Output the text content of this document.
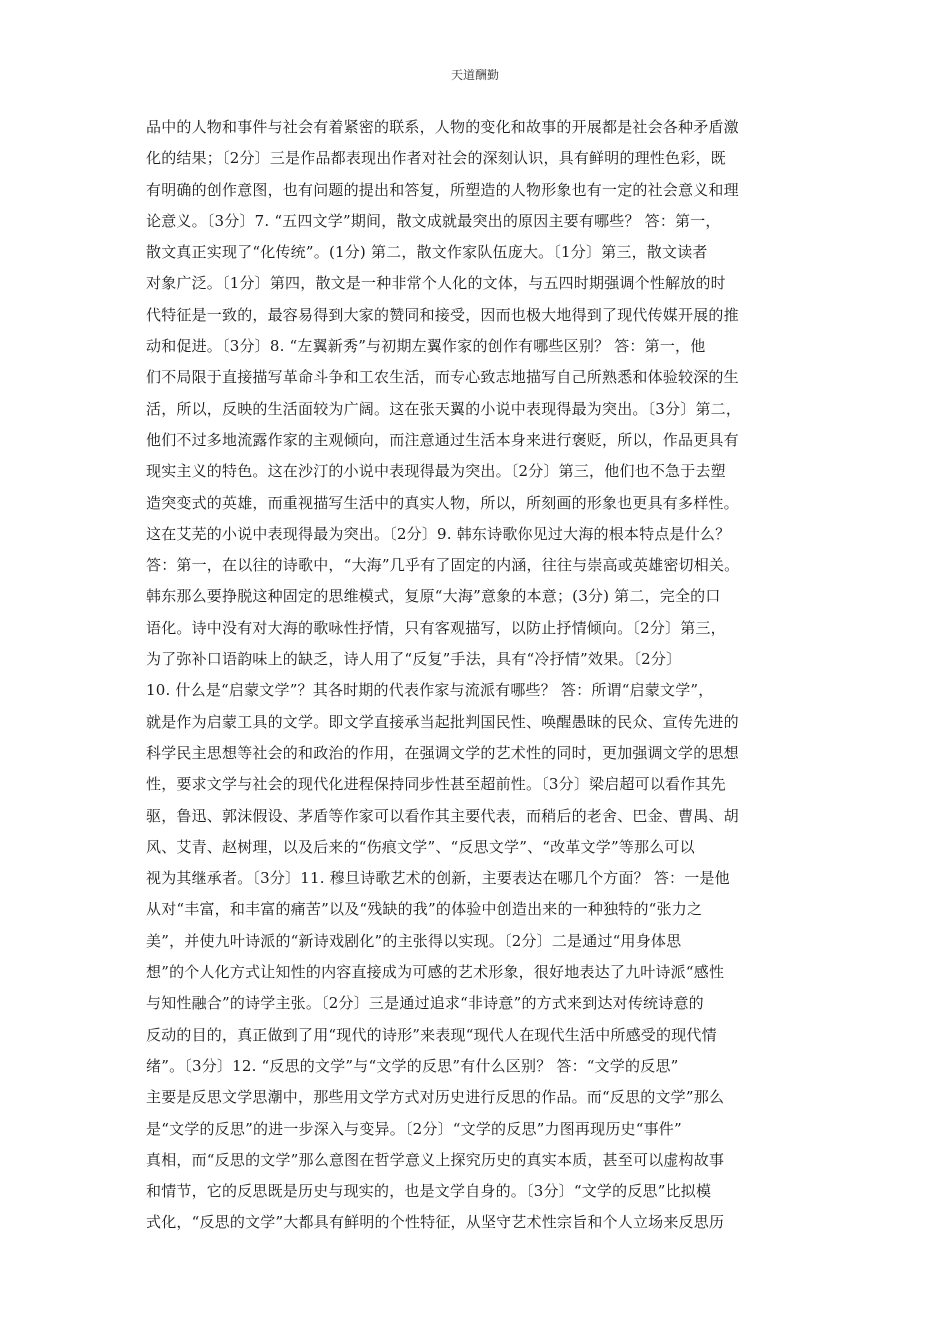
天道酬勤
品中的人物和事件与社会有着紧密的联系，人物的变化和故事的开展都是社会各种矛盾激
化的结果；〔2分〕三是作品都表现出作者对社会的深刻认识，具有鲜明的理性色彩，既
有明确的创作意图，也有问题的提出和答复，所塑造的人物形象也有一定的社会意义和理
论意义。〔3分〕7. “五四文学”期间，散文成就最突出的原因主要有哪些？ 答：第一，
散文真正实现了“化传统”。(1分) 第二，散文作家队伍庞大。〔1分〕第三，散文读者
对象广泛。〔1分〕第四，散文是一种非常个人化的文体，与五四时期强调个性解放的时
代特征是一致的，最容易得到大家的赞同和接受，因而也极大地得到了现代传媒开展的推
动和促进。〔3分〕8. “左翼新秀”与初期左翼作家的创作有哪些区别？ 答：第一，他
们不局限于直接描写革命斗争和工农生活，而专心致志地描写自己所熟悉和体验较深的生
活，所以，反映的生活面较为广阔。这在张天翼的小说中表现得最为突出。〔3分〕第二，
他们不过多地流露作家的主观倾向，而注意通过生活本身来进行褒贬，所以，作品更具有
现实主义的特色。这在沙汀的小说中表现得最为突出。〔2分〕第三，他们也不急于去塑
造突变式的英雄，而重视描写生活中的真实人物，所以，所刻画的形象也更具有多样性。
这在艾芜的小说中表现得最为突出。〔2分〕9. 韩东诗歌你见过大海的根本特点是什么？
答：第一，在以往的诗歌中，“大海”几乎有了固定的内涵，往往与崇高或英雄密切相关。
韩东那么要挣脱这种固定的思维模式，复原“大海”意象的本意；(3分) 第二，完全的口
语化。诗中没有对大海的歌咏性抒情，只有客观描写，以防止抒情倾向。〔2分〕第三，
为了弥补口语韵味上的缺乏，诗人用了“反复”手法，具有“冷抒情”效果。〔2分〕
10. 什么是“启蒙文学”？其各时期的代表作家与流派有哪些？ 答：所谓“启蒙文学”，
就是作为启蒙工具的文学。即文学直接承当起批判国民性、唤醒愚昧的民众、宣传先进的
科学民主思想等社会的和政治的作用，在强调文学的艺术性的同时，更加强调文学的思想
性，要求文学与社会的现代化进程保持同步性甚至超前性。〔3分〕梁启超可以看作其先
驱，鲁迅、郭沫假设、茅盾等作家可以看作其主要代表，而稍后的老舍、巴金、曹禺、胡
风、艾青、赵树理，以及后来的“伤痕文学”、“反思文学”、“改革文学”等那么可以
视为其继承者。〔3分〕11. 穆旦诗歌艺术的创新，主要表达在哪几个方面？ 答：一是他
从对“丰富，和丰富的痛苦”以及“残缺的我”的体验中创造出来的一种独特的“张力之
美”，并使九叶诗派的“新诗戏剧化”的主张得以实现。〔2分〕二是通过“用身体思
想”的个人化方式让知性的内容直接成为可感的艺术形象，很好地表达了九叶诗派“感性
与知性融合”的诗学主张。〔2分〕三是通过追求“非诗意”的方式来到达对传统诗意的
反动的目的，真正做到了用“现代的诗形”来表现“现代人在现代生活中所感受的现代情
绪”。〔3分〕12. “反思的文学”与“文学的反思”有什么区别？ 答：“文学的反思”
主要是反思文学思潮中，那些用文学方式对历史进行反思的作品。而“反思的文学”那么
是“文学的反思”的进一步深入与变异。〔2分〕“文学的反思”力图再现历史“事件”
真相，而“反思的文学”那么意图在哲学意义上探究历史的真实本质，甚至可以虚构故事
和情节，它的反思既是历史与现实的，也是文学自身的。〔3分〕“文学的反思”比拟模
式化，“反思的文学”大都具有鲜明的个性特征，从坚守艺术性宗旨和个人立场来反思历
